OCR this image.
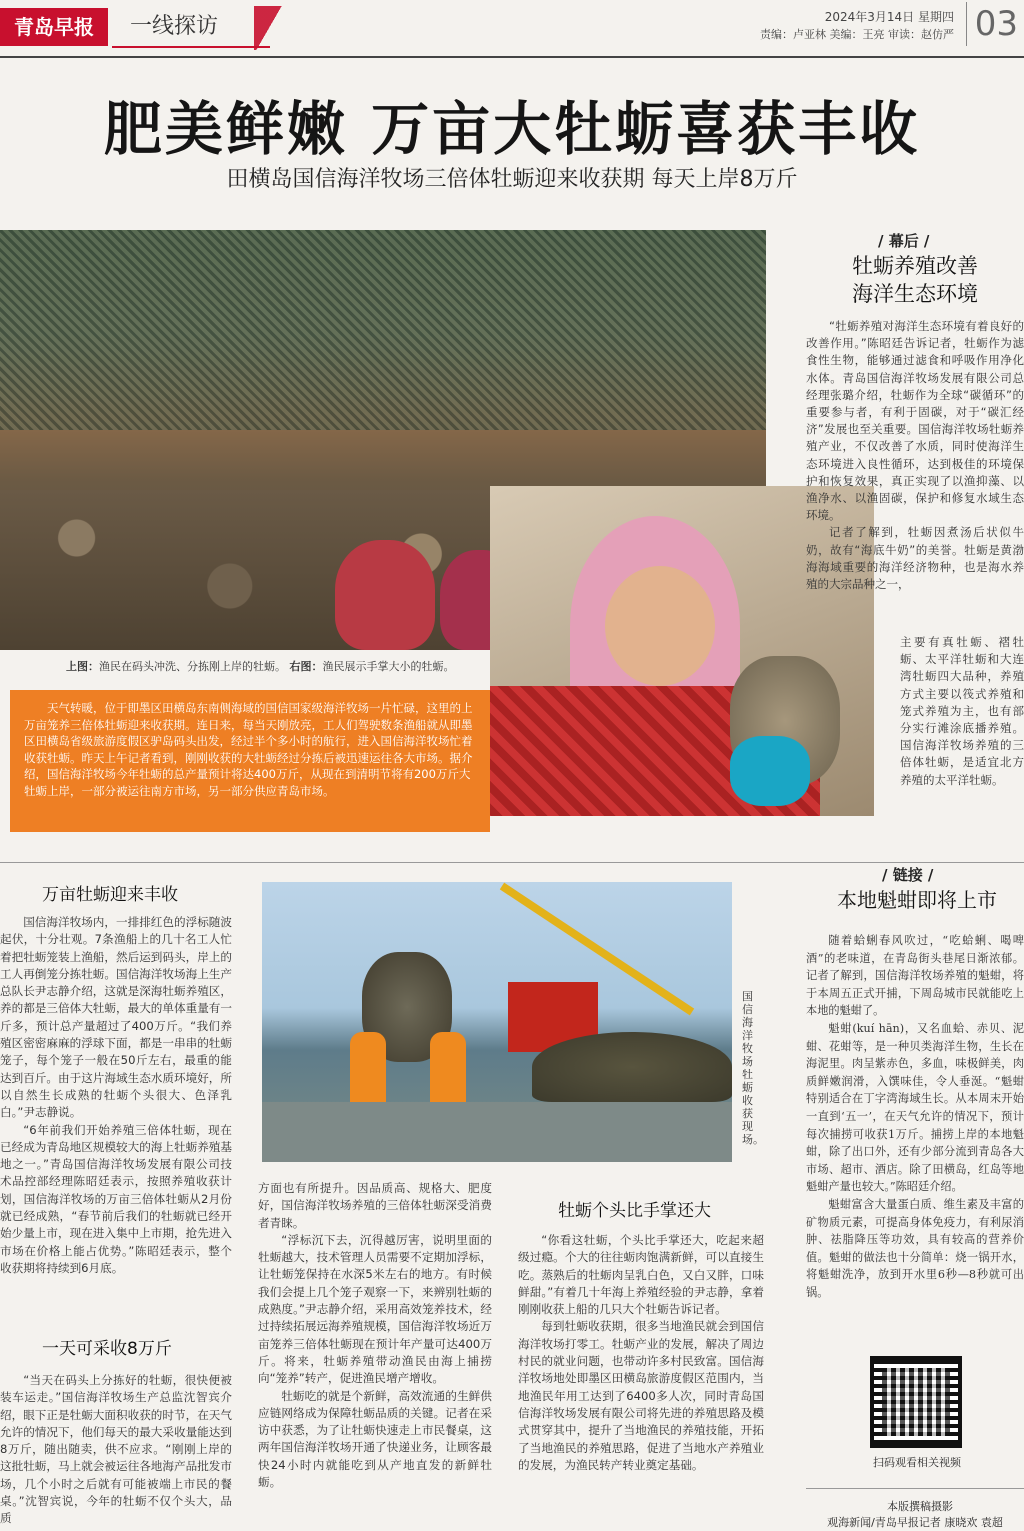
青岛早报	一线探访	2024年3月14日 星期四
责编：卢亚林 美编：王亮 审读：赵仿严 03
肥美鲜嫩 万亩大牡蛎喜获丰收
田横岛国信海洋牧场三倍体牡蛎迎来收获期 每天上岸8万斤
上图：渔民在码头冲洗、分拣刚上岸的牡蛎。 右图：渔民展示手掌大小的牡蛎。
天气转暖，位于即墨区田横岛东南侧海域的国信国家级海洋牧场一片忙碌，这里的上万亩笼养三倍体牡蛎迎来收获期。连日来，每当天刚放亮，工人们驾驶数条渔船就从即墨区田横岛省级旅游度假区驴岛码头出发，经过半个多小时的航行，进入国信海洋牧场忙着收获牡蛎。昨天上午记者看到，刚刚收获的大牡蛎经过分拣后被迅速运往各大市场。据介绍，国信海洋牧场今年牡蛎的总产量预计将达400万斤，从现在到清明节将有200万斤大牡蛎上岸，一部分被运往南方市场，另一部分供应青岛市场。
/ 幕后 /
牡蛎养殖改善
海洋生态环境

“牡蛎养殖对海洋生态环境有着良好的改善作用。”陈昭廷告诉记者，牡蛎作为滤食性生物，能够通过滤食和呼吸作用净化水体。青岛国信海洋牧场发展有限公司总经理张璐介绍，牡蛎作为全球“碳循环”的重要参与者，有利于固碳，对于“碳汇经济”发展也至关重要。国信海洋牧场牡蛎养殖产业，不仅改善了水质，同时使海洋生态环境进入良性循环，达到极佳的环境保护和恢复效果，真正实现了以渔抑藻、以渔净水、以渔固碳，保护和修复水域生态环境。

记者了解到，牡蛎因煮汤后状似牛奶，故有“海底牛奶”的美誉。牡蛎是黄渤海海域重要的海洋经济物种，也是海水养殖的大宗品种之一，

主要有真牡蛎、褶牡蛎、太平洋牡蛎和大连湾牡蛎四大品种，养殖方式主要以筏式养殖和笼式养殖为主，也有部分实行滩涂底播养殖。国信海洋牧场养殖的三倍体牡蛎，是适宜北方养殖的太平洋牡蛎。
万亩牡蛎迎来丰收

国信海洋牧场内，一排排红色的浮标随波起伏，十分壮观。7条渔船上的几十名工人忙着把牡蛎笼装上渔船，然后运到码头，岸上的工人再倒笼分拣牡蛎。国信海洋牧场海上生产总队长尹志静介绍，这就是深海牡蛎养殖区，养的都是三倍体大牡蛎，最大的单体重量有一斤多，预计总产量超过了400万斤。“我们养殖区密密麻麻的浮球下面，都是一串串的牡蛎笼子，每个笼子一般在50斤左右，最重的能达到百斤。由于这片海域生态水质环境好，所以自然生长成熟的牡蛎个头很大、色泽乳白。”尹志静说。

“6年前我们开始养殖三倍体牡蛎，现在已经成为青岛地区规模较大的海上牡蛎养殖基地之一。”青岛国信海洋牧场发展有限公司技术品控部经理陈昭廷表示，按照养殖收获计划，国信海洋牧场的万亩三倍体牡蛎从2月份就已经成熟，“春节前后我们的牡蛎就已经开始少量上市，现在进入集中上市期，抢先进入市场在价格上能占优势。”陈昭廷表示，整个收获期将持续到6月底。

一天可采收8万斤

“当天在码头上分拣好的牡蛎，很快便被装车运走。”国信海洋牧场生产总监沈智宾介绍，眼下正是牡蛎大面积收获的时节，在天气允许的情况下，他们每天的最大采收量能达到8万斤，随出随卖，供不应求。“刚刚上岸的这批牡蛎，马上就会被运往各地海产品批发市场，几个小时之后就有可能被端上市民的餐桌。”沈智宾说，今年的牡蛎不仅个头大，品质

国信海洋牧场牡蛎收获现场。

方面也有所提升。因品质高、规格大、肥度好，国信海洋牧场养殖的三倍体牡蛎深受消费者青睐。

“浮标沉下去，沉得越厉害，说明里面的牡蛎越大，技术管理人员需要不定期加浮标，让牡蛎笼保持在水深5米左右的地方。有时候我们会提上几个笼子观察一下，来辨别牡蛎的成熟度。”尹志静介绍，采用高效笼养技术，经过持续拓展远海养殖规模，国信海洋牧场近万亩笼养三倍体牡蛎现在预计年产量可达400万斤。将来，牡蛎养殖带动渔民由海上捕捞向“笼养”转产，促进渔民增产增收。

牡蛎吃的就是个新鲜，高效流通的生鲜供应链网络成为保障牡蛎品质的关键。记者在采访中获悉，为了让牡蛎快速走上市民餐桌，这两年国信海洋牧场开通了快递业务，让顾客最快24小时内就能吃到从产地直发的新鲜牡蛎。

牡蛎个头比手掌还大

“你看这牡蛎，个头比手掌还大，吃起来超级过瘾。个大的往往蛎肉饱满新鲜，可以直接生吃。蒸熟后的牡蛎肉呈乳白色，又白又胖，口味鲜甜。”有着几十年海上养殖经验的尹志静，拿着刚刚收获上船的几只大个牡蛎告诉记者。

每到牡蛎收获期，很多当地渔民就会到国信海洋牧场打零工。牡蛎产业的发展，解决了周边村民的就业问题，也带动许多村民致富。国信海洋牧场地处即墨区田横岛旅游度假区范围内，当地渔民年用工达到了6400多人次，同时青岛国信海洋牧场发展有限公司将先进的养殖思路及模式贯穿其中，提升了当地渔民的养殖技能，开拓了当地渔民的养殖思路，促进了当地水产养殖业的发展，为渔民转产转业奠定基础。

/ 链接 /
本地魁蚶即将上市

随着蛤蜊春风吹过，“吃蛤蜊、喝啤酒”的老味道，在青岛街头巷尾日渐浓郁。记者了解到，国信海洋牧场养殖的魁蚶，将于本周五正式开捕，下周岛城市民就能吃上本地的魁蚶了。

魁蚶(kuí hān)，又名血蛤、赤贝、泥蚶、花蚶等，是一种贝类海洋生物，生长在海泥里。肉呈紫赤色，多血，味极鲜美，肉质鲜嫩润滑，入馔味佳，令人垂涎。“魁蚶特别适合在丁字湾海域生长。从本周末开始一直到‘五一’，在天气允许的情况下，预计每次捕捞可收获1万斤。捕捞上岸的本地魁蚶，除了出口外，还有少部分流到青岛各大市场、超市、酒店。除了田横岛，红岛等地魁蚶产量也较大。”陈昭廷介绍。

魁蚶富含大量蛋白质、维生素及丰富的矿物质元素，可提高身体免疫力，有利尿消肿、祛脂降压等功效，具有较高的营养价值。魁蚶的做法也十分简单：烧一锅开水，将魁蚶洗净，放到开水里6秒—8秒就可出锅。

扫码观看相关视频
本版撰稿摄影
观海新闻/青岛早报记者 康晓欢 袁超
